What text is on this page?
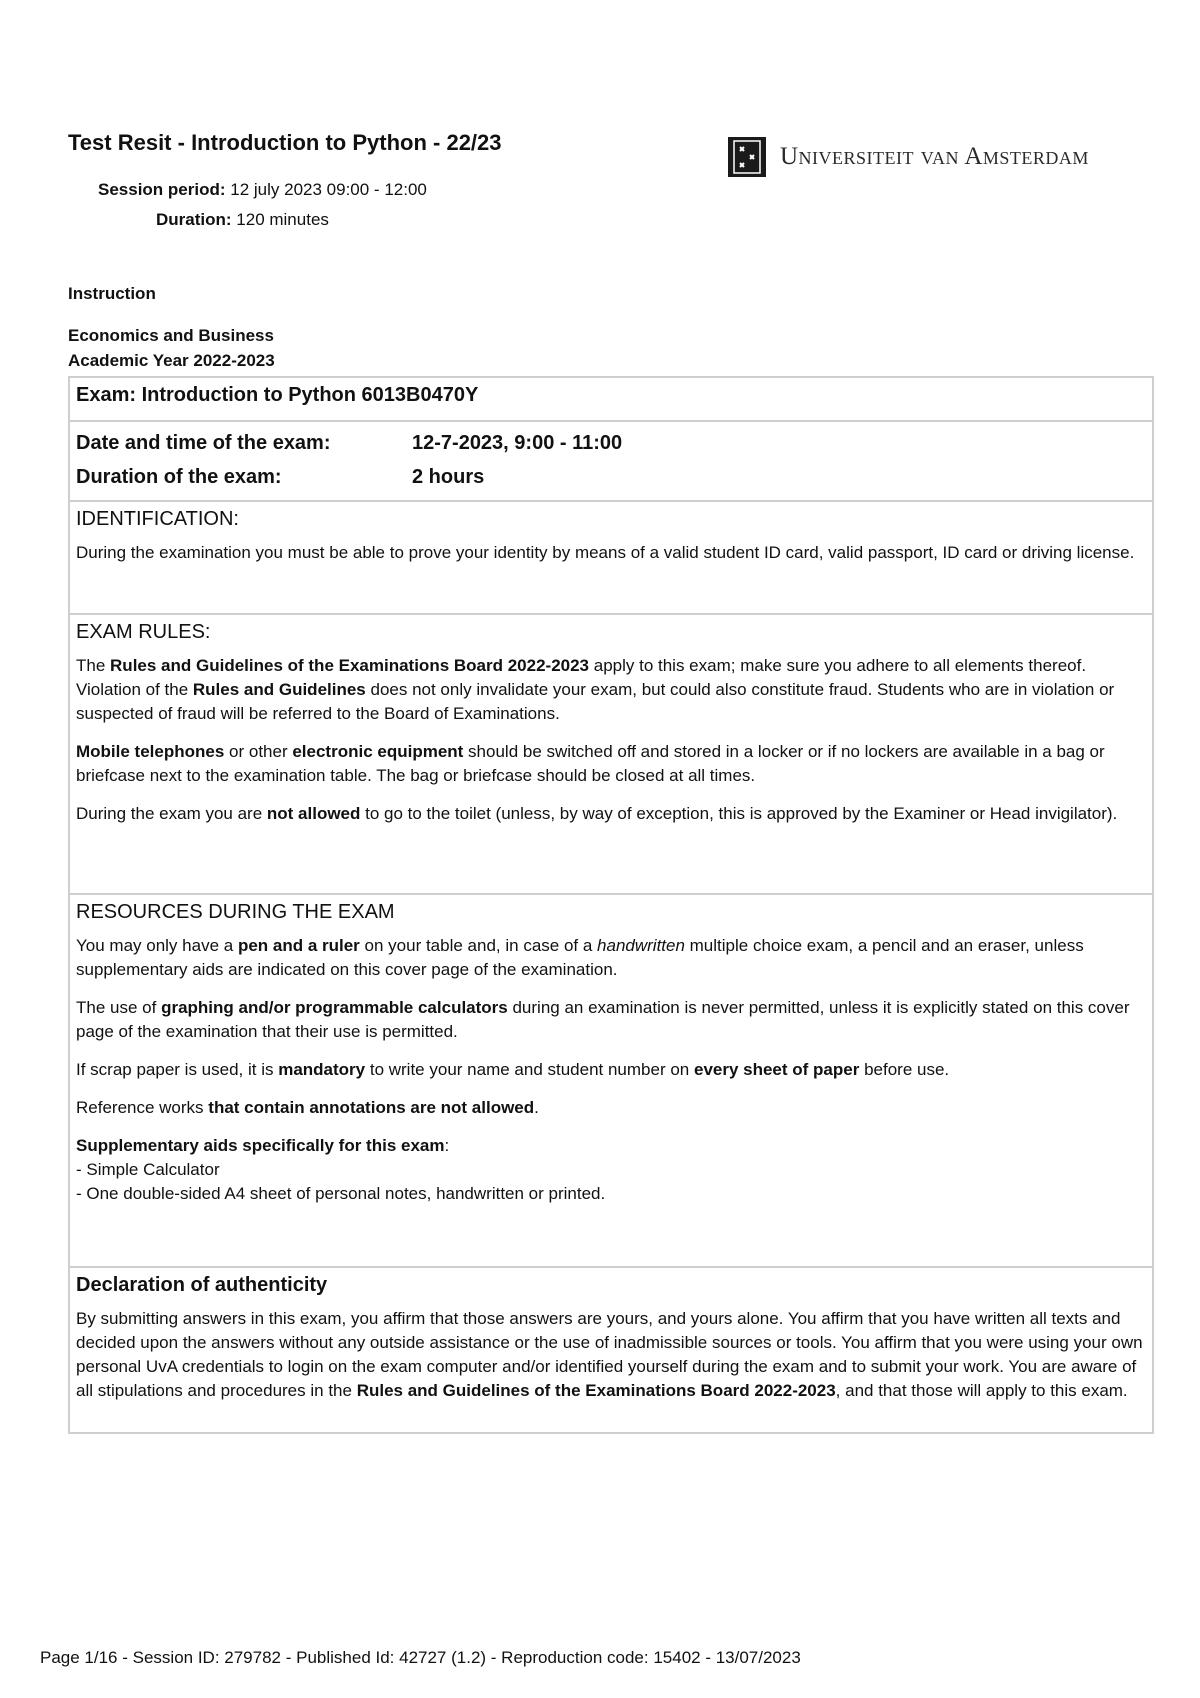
Test Resit - Introduction to Python - 22/23
Session period: 12 july 2023 09:00 - 12:00
Duration: 120 minutes
Universiteit van Amsterdam
Instruction
Economics and Business
Academic Year 2022-2023
Exam: Introduction to Python 6013B0470Y
Date and time of the exam:	12-7-2023, 9:00 - 11:00
Duration of the exam:	2 hours
IDENTIFICATION:

During the examination you must be able to prove your identity by means of a valid student ID card, valid passport, ID card or driving license.

EXAM RULES:

The Rules and Guidelines of the Examinations Board 2022-2023 apply to this exam; make sure you adhere to all elements thereof. Violation of the Rules and Guidelines does not only invalidate your exam, but could also constitute fraud. Students who are in violation or suspected of fraud will be referred to the Board of Examinations.

Mobile telephones or other electronic equipment should be switched off and stored in a locker or if no lockers are available in a bag or briefcase next to the examination table. The bag or briefcase should be closed at all times.

During the exam you are not allowed to go to the toilet (unless, by way of exception, this is approved by the Examiner or Head invigilator).

RESOURCES DURING THE EXAM

You may only have a pen and a ruler on your table and, in case of a handwritten multiple choice exam, a pencil and an eraser, unless supplementary aids are indicated on this cover page of the examination.

The use of graphing and/or programmable calculators during an examination is never permitted, unless it is explicitly stated on this cover page of the examination that their use is permitted.

If scrap paper is used, it is mandatory to write your name and student number on every sheet of paper before use.

Reference works that contain annotations are not allowed.

Supplementary aids specifically for this exam:
- Simple Calculator
- One double-sided A4 sheet of personal notes, handwritten or printed.

Declaration of authenticity

By submitting answers in this exam, you affirm that those answers are yours, and yours alone. You affirm that you have written all texts and decided upon the answers without any outside assistance or the use of inadmissible sources or tools. You affirm that you were using your own personal UvA credentials to login on the exam computer and/or identified yourself during the exam and to submit your work. You are aware of all stipulations and procedures in the Rules and Guidelines of the Examinations Board 2022-2023, and that those will apply to this exam.

Page 1/16 - Session ID: 279782 - Published Id: 42727 (1.2) - Reproduction code: 15402 - 13/07/2023
